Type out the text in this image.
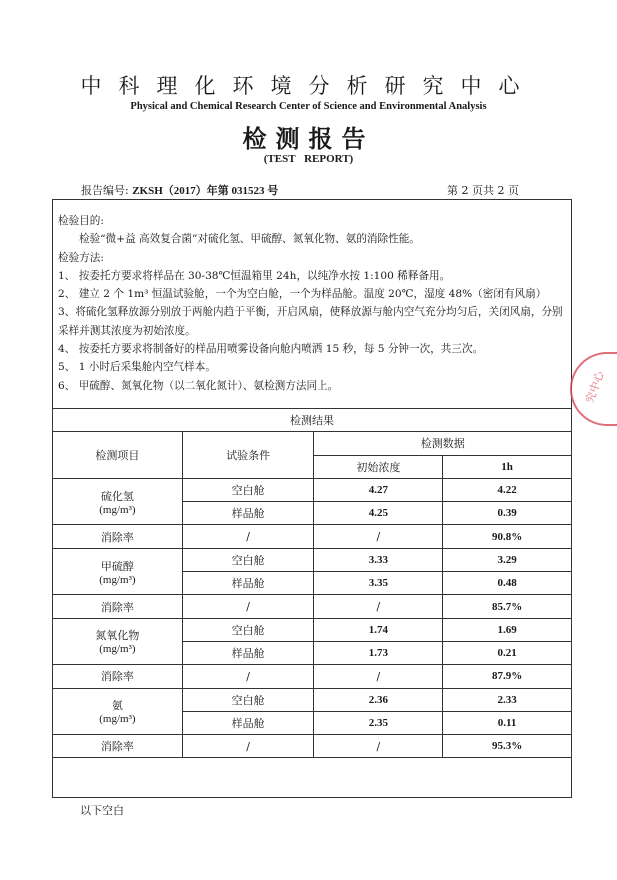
中科理化环境分析研究中心
Physical and Chemical Research Center of Science and Environmental Analysis
检测报告
(TEST REPORT)
报告编号: ZKSH（2017）年第 031523 号	第 2 页共 2 页
检验目的:
检验“微+益 高效复合菌”对硫化氢、甲硫醇、氮氧化物、氨的消除性能。
检验方法:
1、 按委托方要求将样品在 30-38℃恒温箱里 24h，以纯净水按 1:100 稀释备用。
2、 建立 2 个 1m³ 恒温试验舱，一个为空白舱，一个为样品舱。温度 20℃，湿度 48%（密闭有风扇）
3、将硫化氢释放源分别放于两舱内趋于平衡，开启风扇，使释放源与舱内空气充分均匀后，关闭风扇，分别采样并测其浓度为初始浓度。
4、 按委托方要求将制备好的样品用喷雾设备向舱内喷洒 15 秒，每 5 分钟一次，共三次。
5、 1 小时后采集舱内空气样本。
6、 甲硫醇、氮氧化物（以二氧化氮计）、氨检测方法同上。
检测结果			
检测项目	试验条件	检测数据	
		初始浓度	1h

硫化氢
(mg/m³)	空白舱	4.27	4.22
	样品舱	4.25	0.39
消除率	/	/	90.8%

甲硫醇
(mg/m³)	空白舱	3.33	3.29
	样品舱	3.35	0.48
消除率	/	/	85.7%

氮氧化物
(mg/m³)	空白舱	1.74	1.69
	样品舱	1.73	0.21
消除率	/	/	87.9%

氨
(mg/m³)	空白舱	2.36	2.33
	样品舱	2.35	0.11
消除率	/	/	95.3%
以下空白
究中心
